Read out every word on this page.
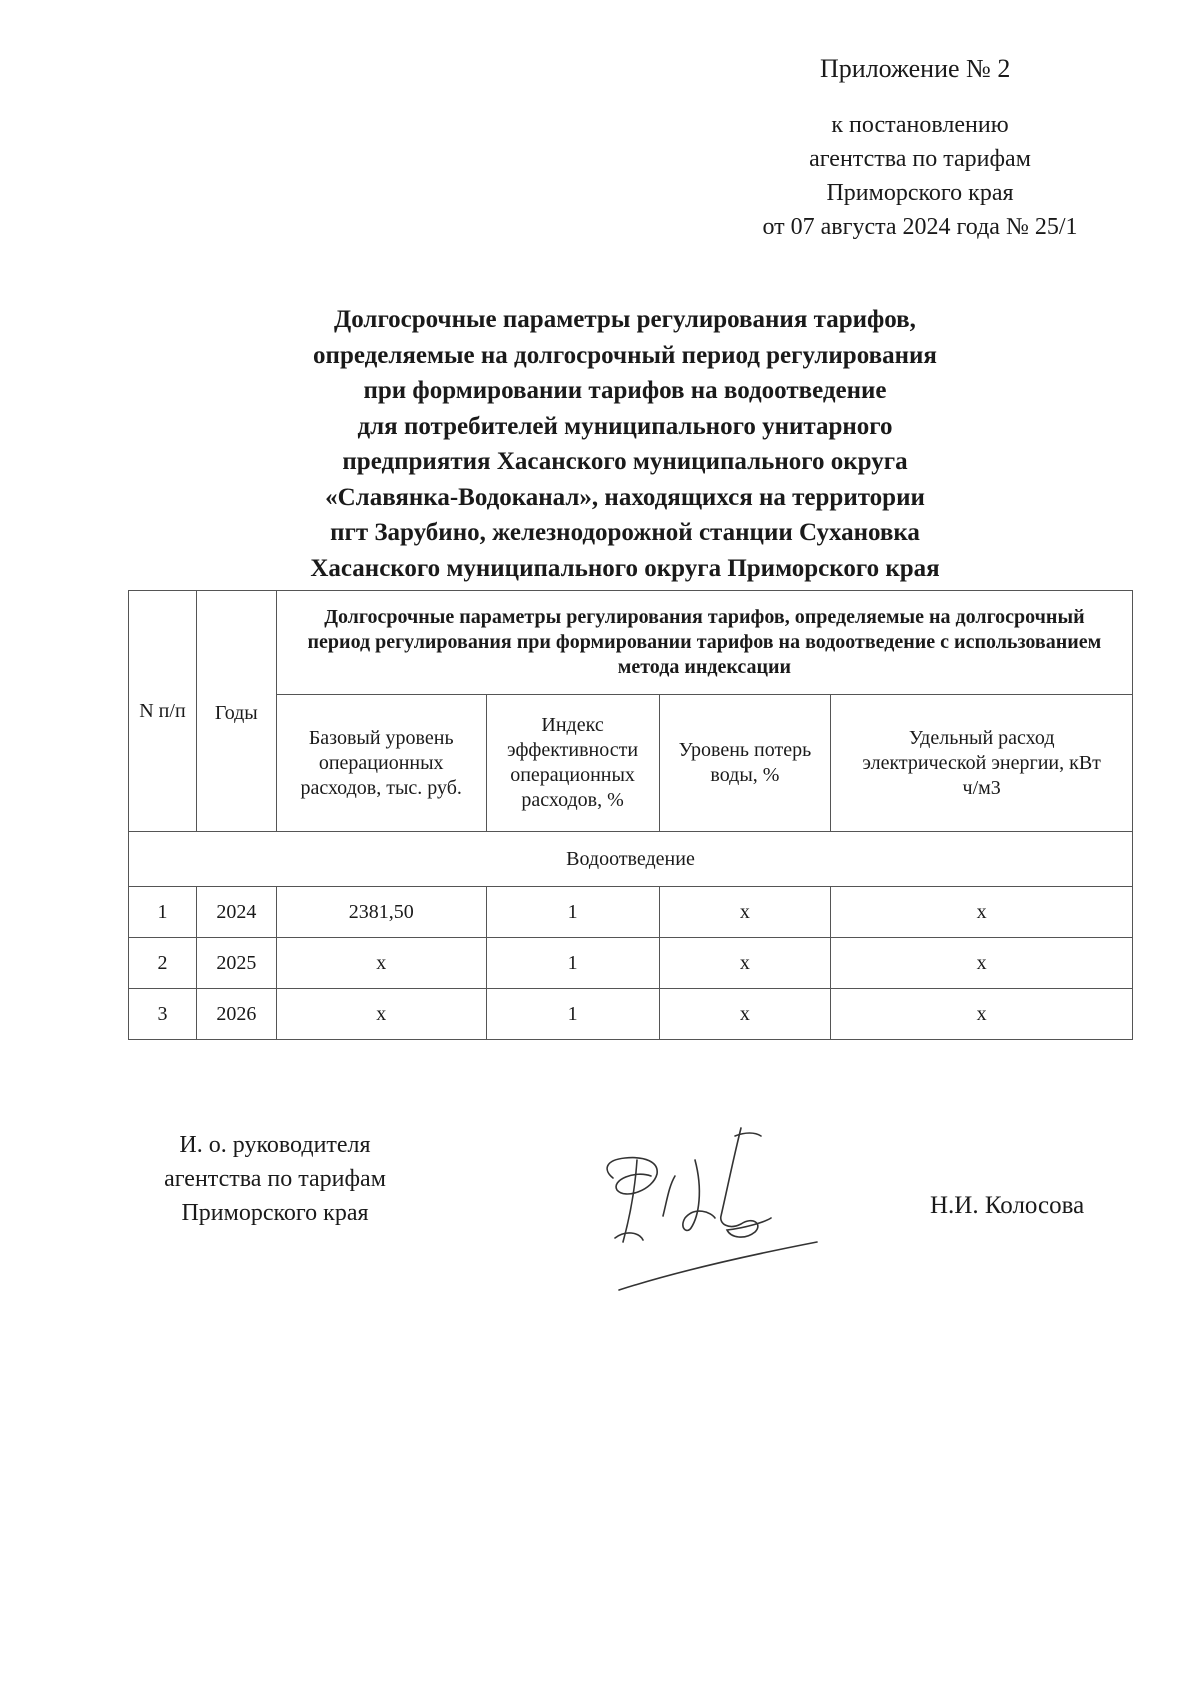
Приложение № 2
к постановлению
агентства по тарифам
Приморского края
от 07 августа 2024 года № 25/1
Долгосрочные параметры регулирования тарифов,
определяемые на долгосрочный период регулирования
при формировании тарифов на водоотведение
для потребителей муниципального унитарного
предприятия Хасанского муниципального округа
«Славянка-Водоканал», находящихся на территории
пгт Зарубино, железнодорожной станции Сухановка
Хасанского муниципального округа Приморского края
N п/п	Годы	Долгосрочные параметры регулирования тарифов, определяемые на долгосрочный период регулирования при формировании тарифов на водоотведение с использованием метода индексации			
		Базовый уровень операционных расходов, тыс. руб.	Индекс эффективности операционных расходов, %	Уровень потерь воды, %	Удельный расход электрической энергии, кВт ч/м3
Водоотведение					
1	2024	2381,50	1	х	х
2	2025	х	1	х	х
3	2026	х	1	х	х
И. о. руководителя
агентства по тарифам
Приморского края	Н.И. Колосова
